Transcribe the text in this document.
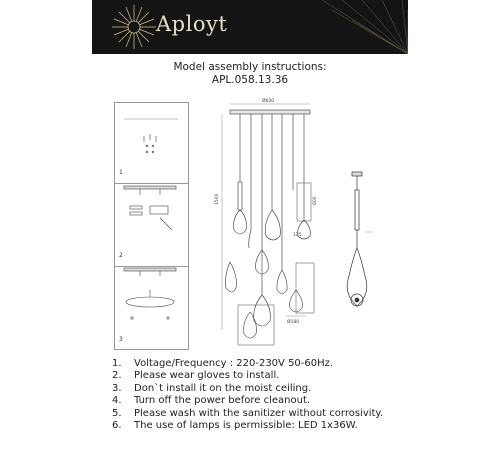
Aployt
Model assembly instructions:
APL.058.13.36
1
2
3
Ø600
1500	800
125
Ø180
1.	Voltage/Frequency : 220-230V 50-60Hz.
2.	Please wear gloves to install.
3.	Don`t install it on the moist ceiling.
4.	Turn off the power before cleanout.
5.	Please wash with the sanitizer without corrosivity.
6.	The use of lamps is permissible: LED 1x36W.
